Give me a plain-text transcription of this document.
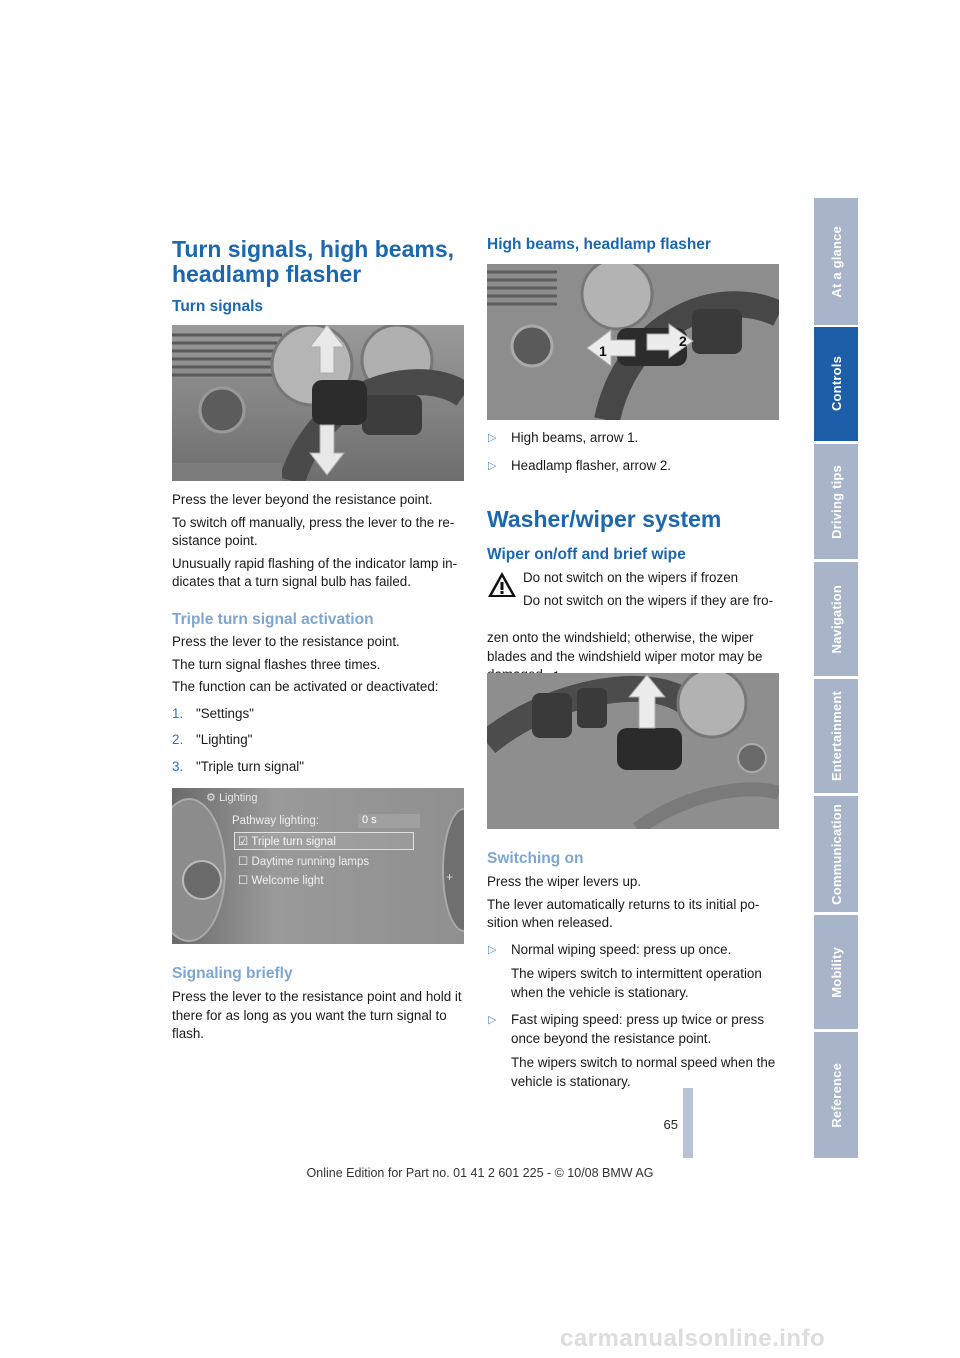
Turn signals, high beams,

headlamp flasher

Turn signals

Press the lever beyond the resistance point.

To switch off manually, press the lever to the re-sistance point.

Unusually rapid flashing of the indicator lamp in-dicates that a turn signal bulb has failed.

Triple turn signal activation

Press the lever to the resistance point.

The turn signal flashes three times.

The function can be activated or deactivated:

1. "Settings"

2. "Lighting"

3. "Triple turn signal"

+
⚙ Lighting
Pathway lighting:	0 s
☑ Triple turn signal
☐ Daytime running lamps
☐ Welcome light

Signaling briefly

Press the lever to the resistance point and hold it there for as long as you want the turn signal to flash.

High beams, headlamp flasher

1
2

▷ High beams, arrow 1.

▷ Headlamp flasher, arrow 2.

Washer/wiper system

Wiper on/off and brief wipe

Do not switch on the wipers if frozen

Do not switch on the wipers if they are fro-

zen onto the windshield; otherwise, the wiper blades and the windshield wiper motor may be

Switching on

Press the wiper levers up.

The lever automatically returns to its initial po-sition when released.

▷ Normal wiping speed: press up once.
The wipers switch to intermittent operation when the vehicle is stationary.

▷ Fast wiping speed: press up twice or press once beyond the resistance point.
The wipers switch to normal speed when the vehicle is stationary.

At a glance
Controls
Driving tips
Navigation
Entertainment
Communication
Mobility
Reference
65
Online Edition for Part no. 01 41 2 601 225 - © 10/08 BMW AG
carmanualsonline.info
